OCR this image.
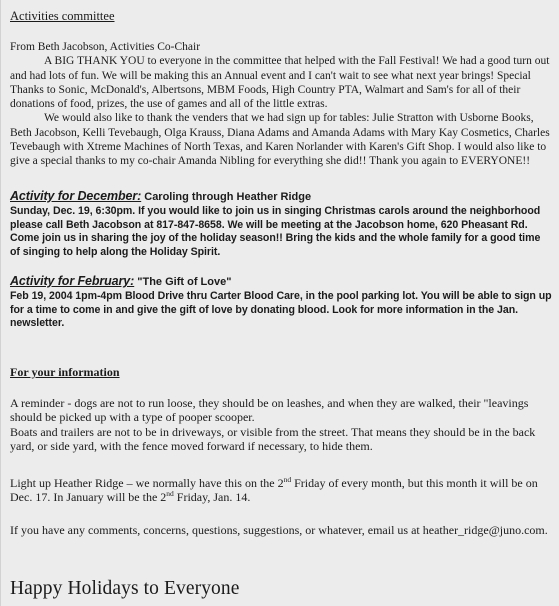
Activities committee

From Beth Jacobson, Activities Co-Chair

A BIG THANK YOU to everyone in the committee that helped with the Fall Festival! We had a good turn out and had lots of fun. We will be making this an Annual event and I can't wait to see what next year brings! Special Thanks to Sonic, McDonald's, Albertsons, MBM Foods, High Country PTA, Walmart and Sam's for all of their donations of food, prizes, the use of games and all of the little extras.

We would also like to thank the venders that we had sign up for tables: Julie Stratton with Usborne Books, Beth Jacobson, Kelli Tevebaugh, Olga Krauss, Diana Adams and Amanda Adams with Mary Kay Cosmetics, Charles Tevebaugh with Xtreme Machines of North Texas, and Karen Norlander with Karen's Gift Shop. I would also like to give a special thanks to my co-chair Amanda Nibling for everything she did!! Thank you again to EVERYONE!!

Activity for December: Caroling through Heather Ridge

Sunday, Dec. 19, 6:30pm. If you would like to join us in singing Christmas carols around the neighborhood please call Beth Jacobson at 817-847-8658. We will be meeting at the Jacobson home, 620 Pheasant Rd. Come join us in sharing the joy of the holiday season!! Bring the kids and the whole family for a good time of singing to help along the Holiday Spirit.

Activity for February: "The Gift of Love"

Feb 19, 2004 1pm-4pm Blood Drive thru Carter Blood Care, in the pool parking lot. You will be able to sign up for a time to come in and give the gift of love by donating blood. Look for more information in the Jan. newsletter.

For your information

A reminder - dogs are not to run loose, they should be on leashes, and when they are walked, their "leavings should be picked up with a type of pooper scooper.

Boats and trailers are not to be in driveways, or visible from the street. That means they should be in the back yard, or side yard, with the fence moved forward if necessary, to hide them.

Light up Heather Ridge – we normally have this on the 2nd Friday of every month, but this month it will be on Dec. 17. In January will be the 2nd Friday, Jan. 14.

If you have any comments, concerns, questions, suggestions, or whatever, email us at heather_ridge@juno.com.

Happy Holidays to Everyone
